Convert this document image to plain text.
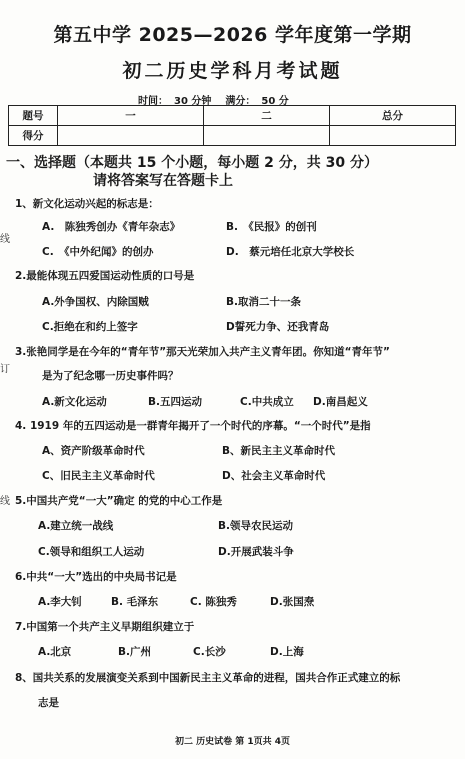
第五中学 2025—2026 学年度第一学期
初二历史学科月考试题
时间： 30 分钟 满分： 50 分
题号	一	二	总分
得分			
一、选择题（本题共 15 个小题，每小题 2 分，共 30 分）
请将答案写在答题卡上
线
订
线
1、新文化运动兴起的标志是：
A.　陈独秀创办《青年杂志》	B.　《民报》的创刊
C.　《中外纪闻》的创办	D.　蔡元培任北京大学校长
2.最能体现五四爱国运动性质的口号是
A.外争国权、内除国贼	B.取消二十一条
C.拒绝在和约上签字	D誓死力争、还我青岛
3.张艳同学是在今年的“青年节”那天光荣加入共产主义青年团。你知道“青年节”
是为了纪念哪一历史事件吗？
A.新文化运动	B.五四运动	C.中共成立 D.南昌起义
4. 1919 年的五四运动是一群青年揭开了一个时代的序幕。“一个时代”是指
A、资产阶级革命时代	B、新民主主义革命时代
C、旧民主主义革命时代	D、社会主义革命时代
5.中国共产党“一大”确定 的党的中心工作是
A.建立统一战线	B.领导农民运动
C.领导和组织工人运动	D.开展武装斗争
6.中共“一大”选出的中央局书记是
A.李大钊	B. 毛泽东	C. 陈独秀	D.张国焘
7.中国第一个共产主义早期组织建立于
A.北京	B.广州	C.长沙	D.上海
8、国共关系的发展演变关系到中国新民主主义革命的进程，国共合作正式建立的标
志是
初二 历史试卷 第 1页共 4页
